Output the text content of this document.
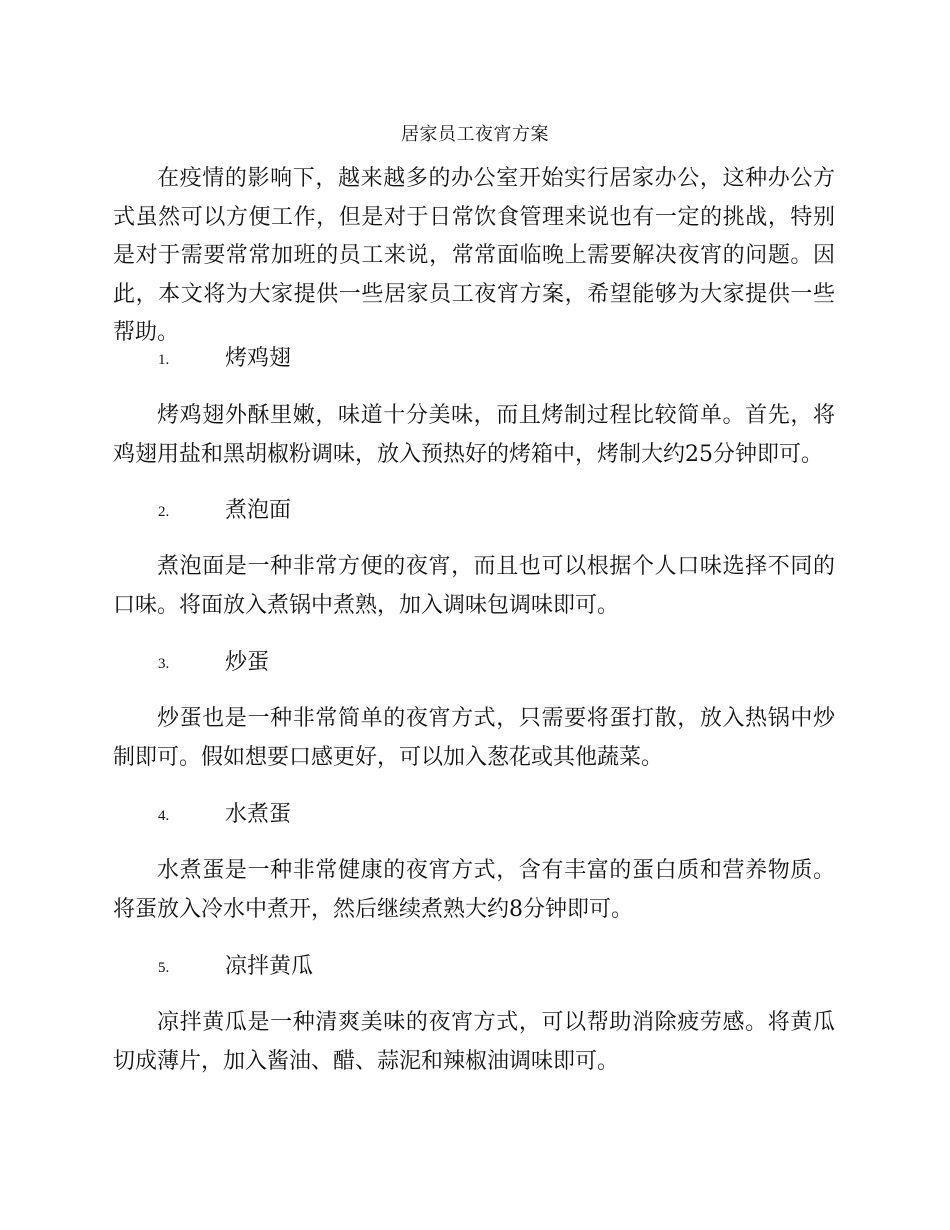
居家员工夜宵方案

在疫情的影响下，越来越多的办公室开始实行居家办公，这种办公方式虽然可以方便工作，但是对于日常饮食管理来说也有一定的挑战，特别是对于需要常常加班的员工来说，常常面临晚上需要解决夜宵的问题。因此，本文将为大家提供一些居家员工夜宵方案，希望能够为大家提供一些帮助。

1.	烤鸡翅

烤鸡翅外酥里嫩，味道十分美味，而且烤制过程比较简单。首先，将鸡翅用盐和黑胡椒粉调味，放入预热好的烤箱中，烤制大约25分钟即可。

2.	煮泡面

煮泡面是一种非常方便的夜宵，而且也可以根据个人口味选择不同的口味。将面放入煮锅中煮熟，加入调味包调味即可。

3.	炒蛋

炒蛋也是一种非常简单的夜宵方式，只需要将蛋打散，放入热锅中炒制即可。假如想要口感更好，可以加入葱花或其他蔬菜。

4.	水煮蛋

水煮蛋是一种非常健康的夜宵方式，含有丰富的蛋白质和营养物质。将蛋放入冷水中煮开，然后继续煮熟大约8分钟即可。

5.	凉拌黄瓜

凉拌黄瓜是一种清爽美味的夜宵方式，可以帮助消除疲劳感。将黄瓜切成薄片，加入酱油、醋、蒜泥和辣椒油调味即可。
